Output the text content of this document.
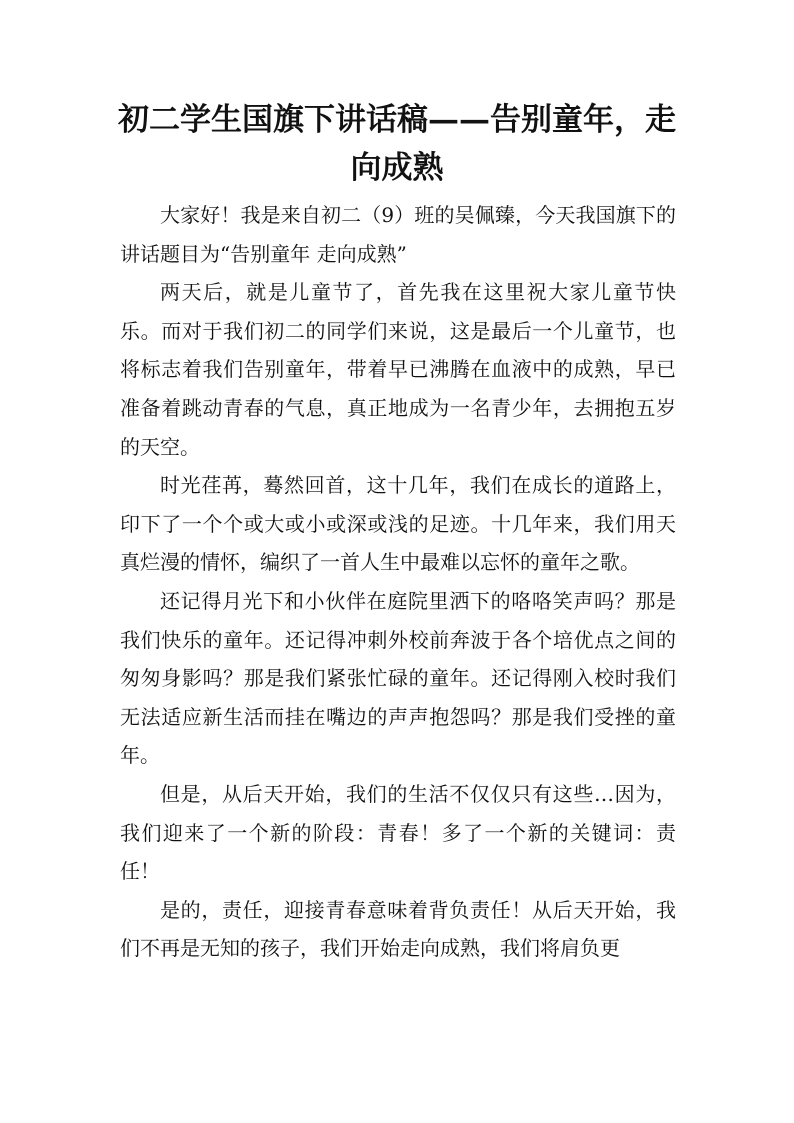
初二学生国旗下讲话稿——告别童年，走向成熟

大家好！我是来自初二（9）班的吴佩臻，今天我国旗下的讲话题目为“告别童年 走向成熟”

两天后，就是儿童节了，首先我在这里祝大家儿童节快乐。而对于我们初二的同学们来说，这是最后一个儿童节，也将标志着我们告别童年，带着早已沸腾在血液中的成熟，早已准备着跳动青春的气息，真正地成为一名青少年，去拥抱五岁的天空。

时光荏苒，蓦然回首，这十几年，我们在成长的道路上，印下了一个个或大或小或深或浅的足迹。十几年来，我们用天真烂漫的情怀，编织了一首人生中最难以忘怀的童年之歌。

还记得月光下和小伙伴在庭院里洒下的咯咯笑声吗？那是我们快乐的童年。还记得冲刺外校前奔波于各个培优点之间的匆匆身影吗？那是我们紧张忙碌的童年。还记得刚入校时我们无法适应新生活而挂在嘴边的声声抱怨吗？那是我们受挫的童年。

但是，从后天开始，我们的生活不仅仅只有这些…因为，我们迎来了一个新的阶段：青春！多了一个新的关键词：责任！

是的，责任，迎接青春意味着背负责任！从后天开始，我们不再是无知的孩子，我们开始走向成熟，我们将肩负更
